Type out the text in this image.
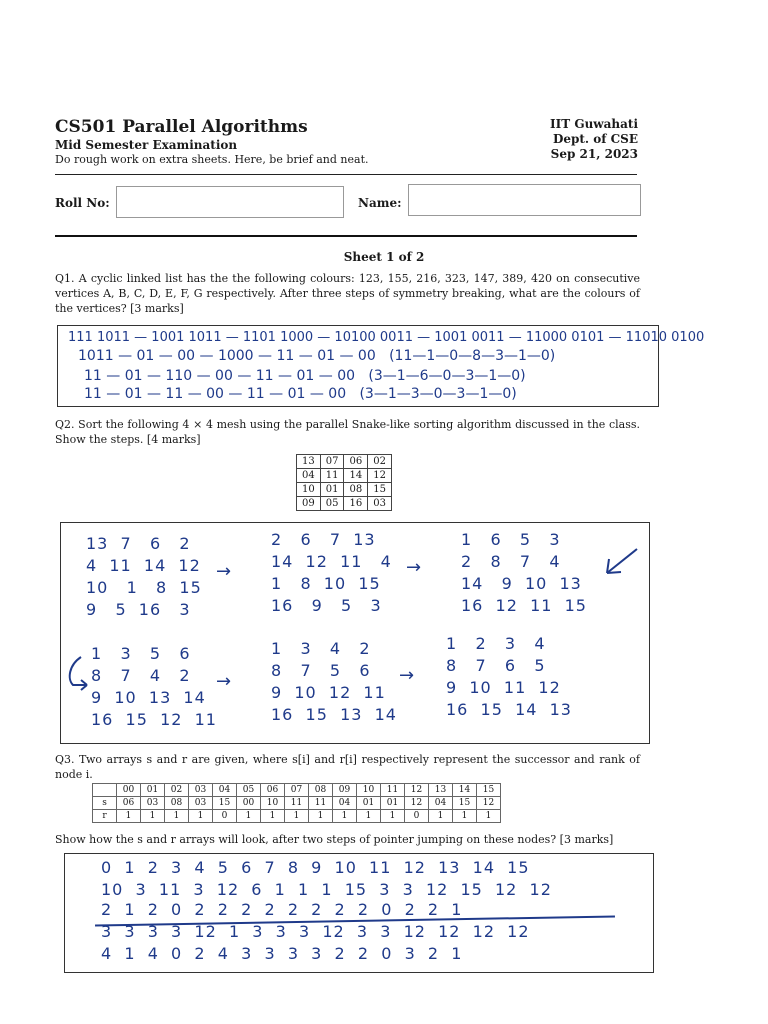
CS501 Parallel Algorithms
Mid Semester Examination
Do rough work on extra sheets. Here, be brief and neat.
IIT Guwahati
Dept. of CSE
Sep 21, 2023
Roll No:	Name:
Sheet 1 of 2
Q1. A cyclic linked list has the the following colours: 123, 155, 216, 323, 147, 389, 420 on consecutive vertices A, B, C, D, E, F, G respectively. After three steps of symmetry breaking, what are the colours of the vertices? [3 marks]
111 1011 — 1001 1011 — 1101 1000 — 10100 0011 — 1001 0011 — 11000 0101 — 11010 0100
1011 — 01 — 00 — 1000 — 11 — 01 — 00   (11—1—0—8—3—1—0)
11 — 01 — 110 — 00 — 11 — 01 — 00   (3—1—6—0—3—1—0)
11 — 01 — 11 — 00 — 11 — 01 — 00   (3—1—3—0—3—1—0)
Q2. Sort the following 4 × 4 mesh using the parallel Snake-like sorting algorithm discussed in the class. Show the steps. [4 marks]
13	07	06	02
04	11	14	12
10	01	08	15
09	05	16	03
13  7   6   2
4  11  14  12
10   1   8  15
9   5  16   3
→
2   6   7  13
14  12  11   4
1   8  10  15
16   9   5   3
→
1   6   5   3
2   8   7   4
14   9  10  13
16  12  11  15
1   3   5   6
8   7   4   2
9  10  13  14
16  15  12  11
→
1   3   4   2
8   7   5   6
9  10  12  11
16  15  13  14
→
1   2   3   4
8   7   6   5
9  10  11  12
16  15  14  13
Q3. Two arrays s and r are given, where s[i] and r[i] respectively represent the successor and rank of node i.
	00	01	02	03	04	05	06	07	08	09	10	11	12	13	14	15
s	06	03	08	03	15	00	10	11	11	04	01	01	12	04	15	12
r	1	1	1	1	0	1	1	1	1	1	1	1	0	1	1	1
Show how the s and r arrays will look, after two steps of pointer jumping on these nodes? [3 marks]
0  1  2  3  4  5  6  7  8  9  10  11  12  13  14  15
10  3  11  3  12  6  1  1  1  15  3  3  12  15  12  12
2  1  2  0  2  2  2  2  2  2  2  2  0  2  2  1
3  3  3  3  12  1  3  3  3  12  3  3  12  12  12  12
4  1  4  0  2  4  3  3  3  3  2  2  0  3  2  1
